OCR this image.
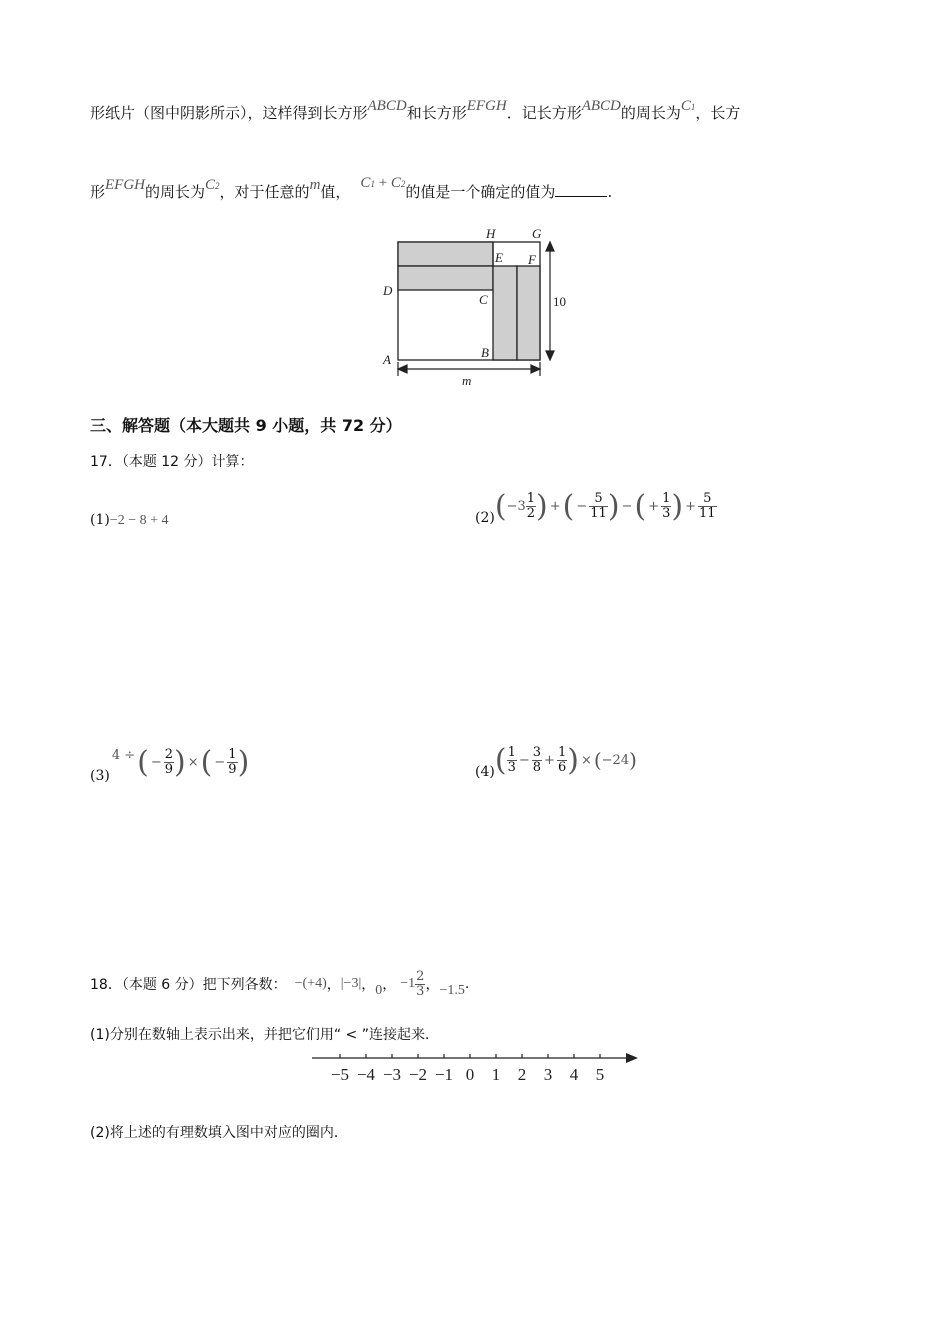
形纸片（图中阴影所示），这样得到长方形ABCD和长方形EFGH．记长方形ABCD的周长为C1，长方
形EFGH的周长为C2，对于任意的m值， C1 + C2的值是一个确定的值为	.
H	G
E F
D
C
A	B
m
10
三、解答题（本大题共 9 小题，共 72 分）
17．（本题 12 分）计算：
(1)−2 − 8 + 4	(2) ( $-3 \frac{1}{2}$ ) + ( − $\frac{5}{11}$ ) − ( + $\frac{1}{3}$ ) + $\frac{5}{11}$
(3)
4 ÷ ( − $\frac{2}{9}$ ) × ( − $\frac{1}{9}$ )	(4) ( $\frac{1}{3} - \frac{3}{8} + \frac{1}{6}$ ) × ( −24 )
18．（本题 6 分）把下列各数： −(+4) ， |−3| ， 0 ， $-1 \frac{2}{3}$ ， −1.5 .
(1)分别在数轴上表示出来，并把它们用“ < ”连接起来．
−5 −4 −3 −2 −1 0 1 2 3 4 5
(2)将上述的有理数填入图中对应的圈内．
